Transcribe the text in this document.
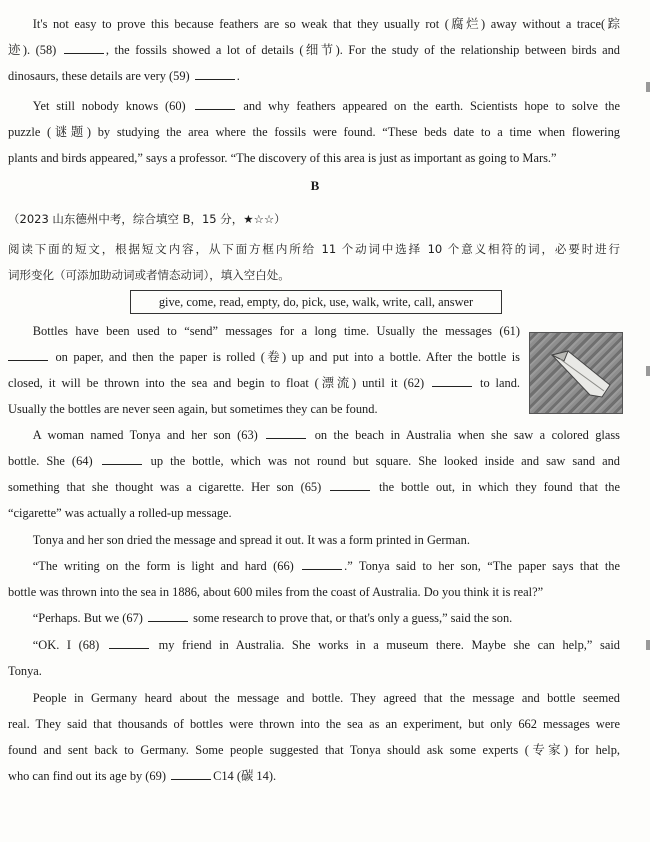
It's not easy to prove this because feathers are so weak that they usually rot (腐烂) away without a trace(踪
迹). (58)	, the fossils showed a lot of details (细节). For the study of the relationship between birds and
dinosaurs, these details are very (59)	.

Yet still nobody knows (60)	and why feathers appeared on the earth. Scientists hope to solve the
puzzle (谜题) by studying the area where the fossils were found. “These beds date to a time when flowering
plants and birds appeared,” says a professor. “The discovery of this area is just as important as going to Mars.”

B

（2023 山东德州中考，综合填空 B，15 分，★☆☆）

阅读下面的短文，根据短文内容，从下面方框内所给 11 个动词中选择 10 个意义相符的词，必要时进行
词形变化（可添加助动词或者情态动词），填入空白处。

give, come, read, empty, do, pick, use, walk, write, call, answer

Bottles have been used to “send” messages for a long time. Usually the messages (61)
on paper, and then the paper is rolled (卷) up and put into a bottle. After the bottle is
closed, it will be thrown into the sea and begin to float (漂流) until it (62)	to land.
Usually the bottles are never seen again, but sometimes they can be found.

A woman named Tonya and her son (63)	on the beach in Australia when she saw a colored glass
bottle. She (64)	up the bottle, which was not round but square. She looked inside and saw sand and
something that she thought was a cigarette. Her son (65)	the bottle out, in which they found that the
“cigarette” was actually a rolled-up message.

Tonya and her son dried the message and spread it out. It was a form printed in German.

“The writing on the form is light and hard (66)	.” Tonya said to her son, “The paper says that the
bottle was thrown into the sea in 1886, about 600 miles from the coast of Australia. Do you think it is real?”

“Perhaps. But we (67)	some research to prove that, or that's only a guess,” said the son.

“OK. I (68)	my friend in Australia. She works in a museum there. Maybe she can help,” said
Tonya.

People in Germany heard about the message and bottle. They agreed that the message and bottle seemed
real. They said that thousands of bottles were thrown into the sea as an experiment, but only 662 messages were
found and sent back to Germany. Some people suggested that Tonya should ask some experts (专家) for help,
who can find out its age by (69)	C14 (碳 14).
